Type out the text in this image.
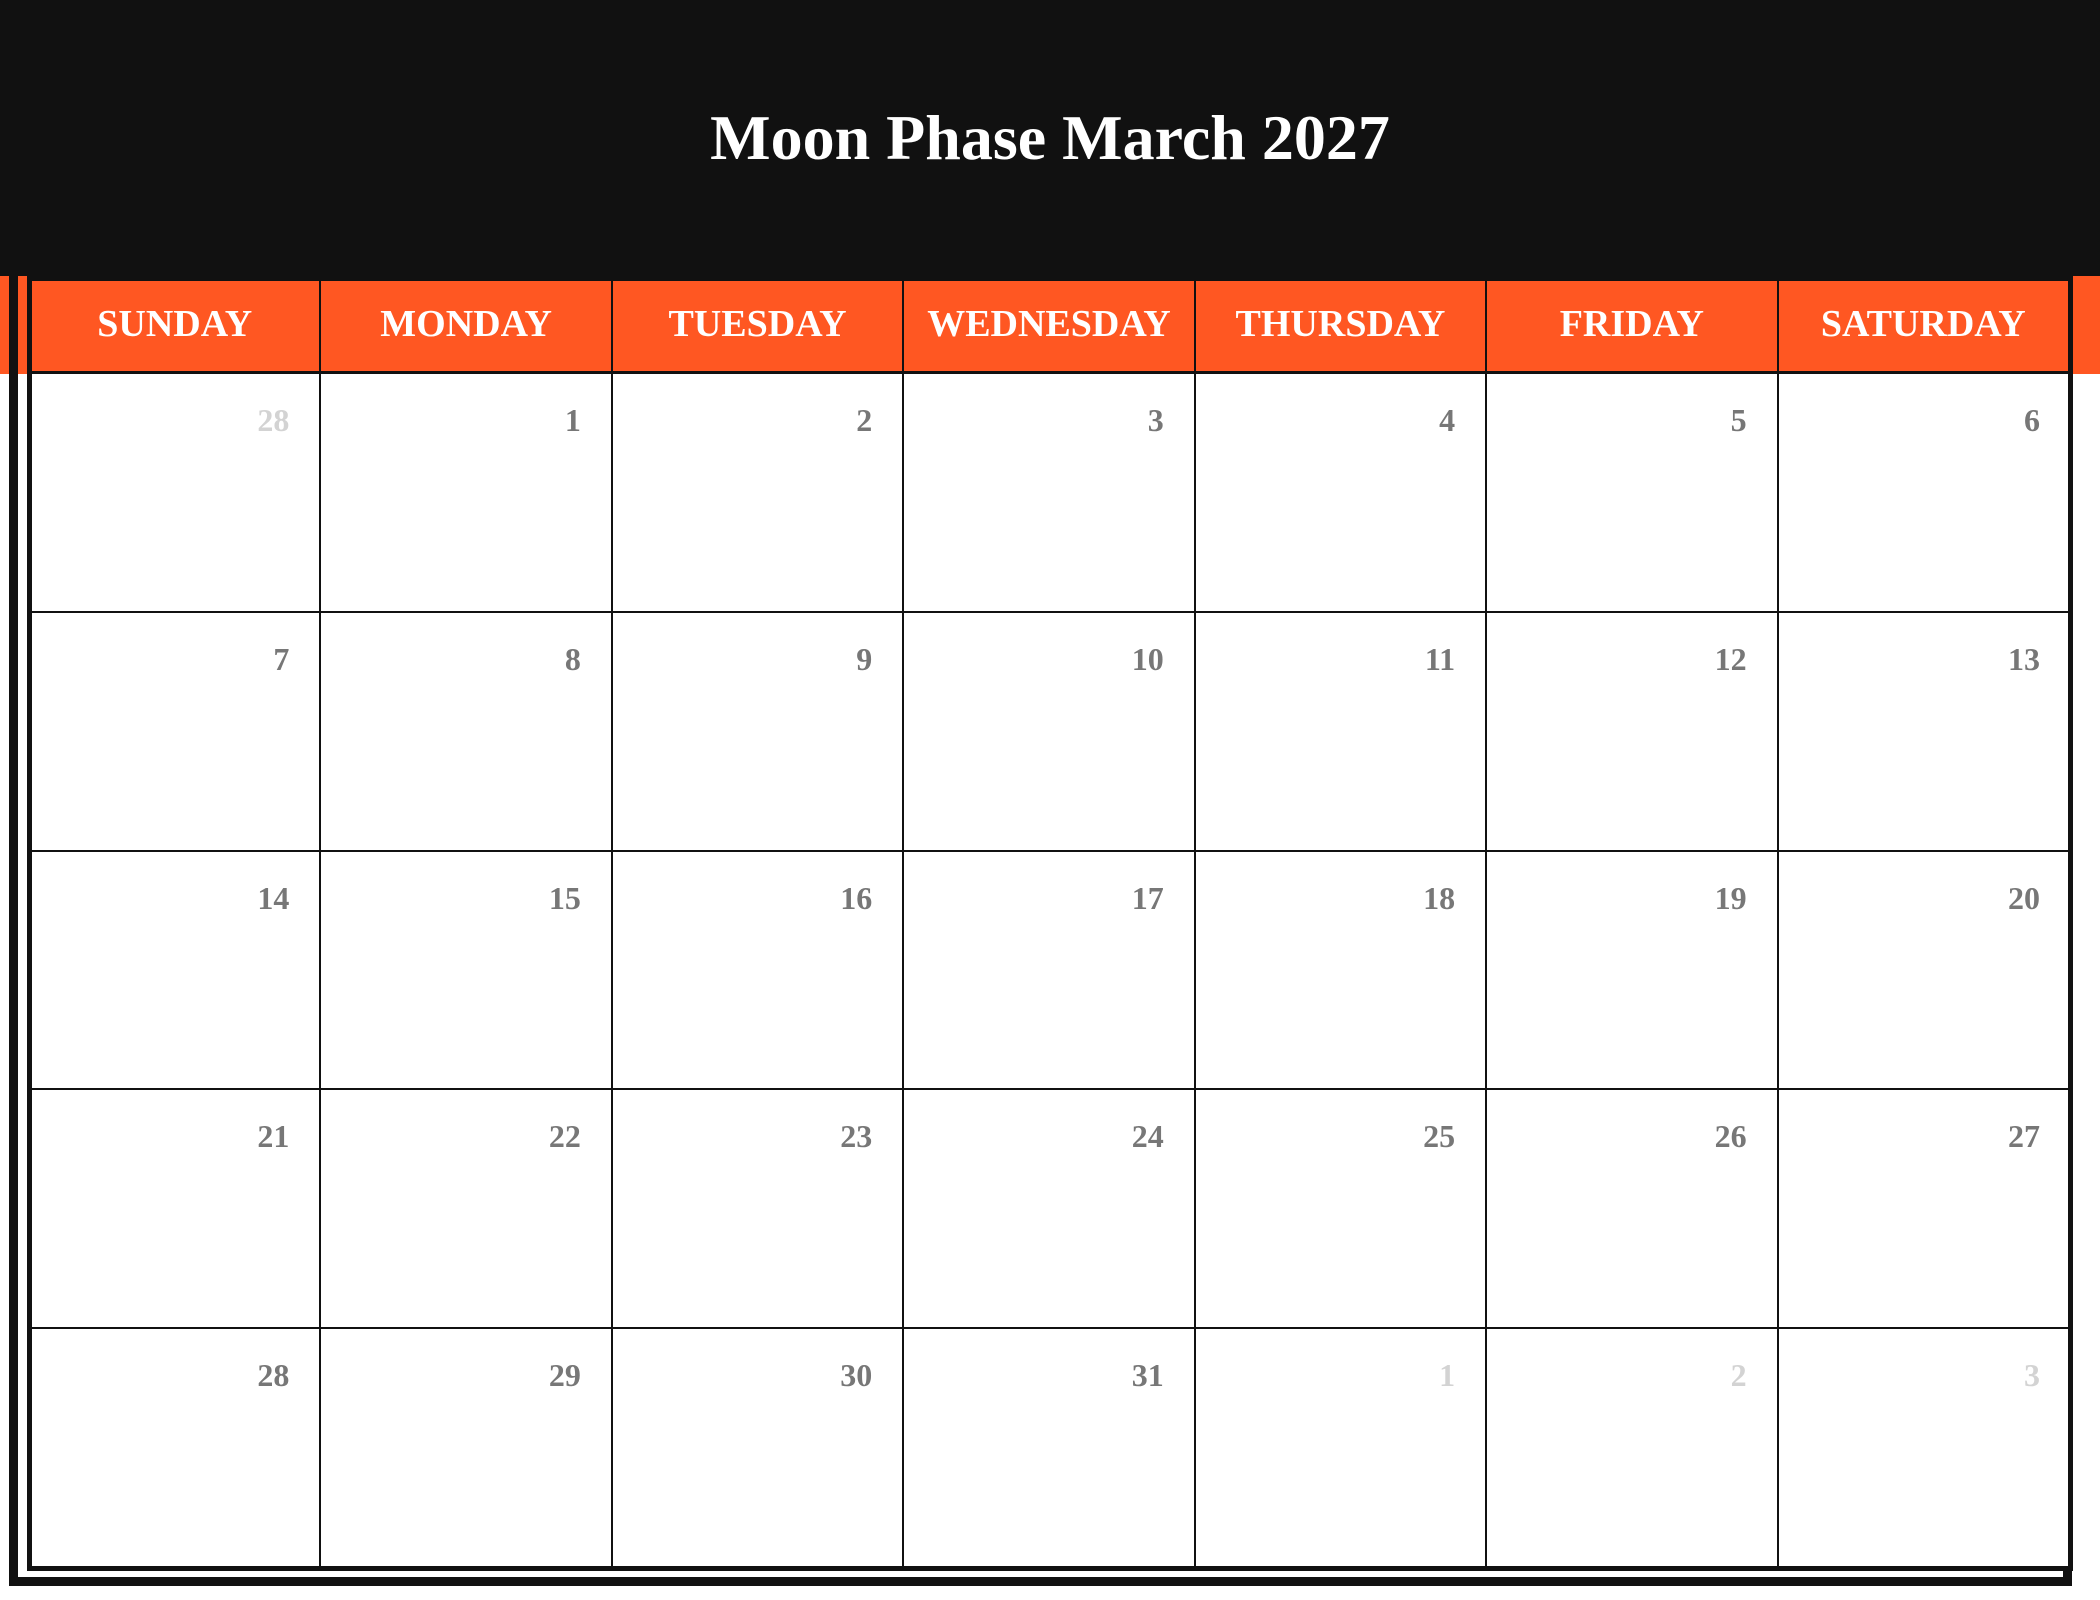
Moon Phase March 2027
SUNDAY	MONDAY	TUESDAY	WEDNESDAY	THURSDAY	FRIDAY	SATURDAY
28	1	2	3	4	5	6
7	8	9	10	11	12	13
14	15	16	17	18	19	20
21	22	23	24	25	26	27
28	29	30	31	1	2	3
